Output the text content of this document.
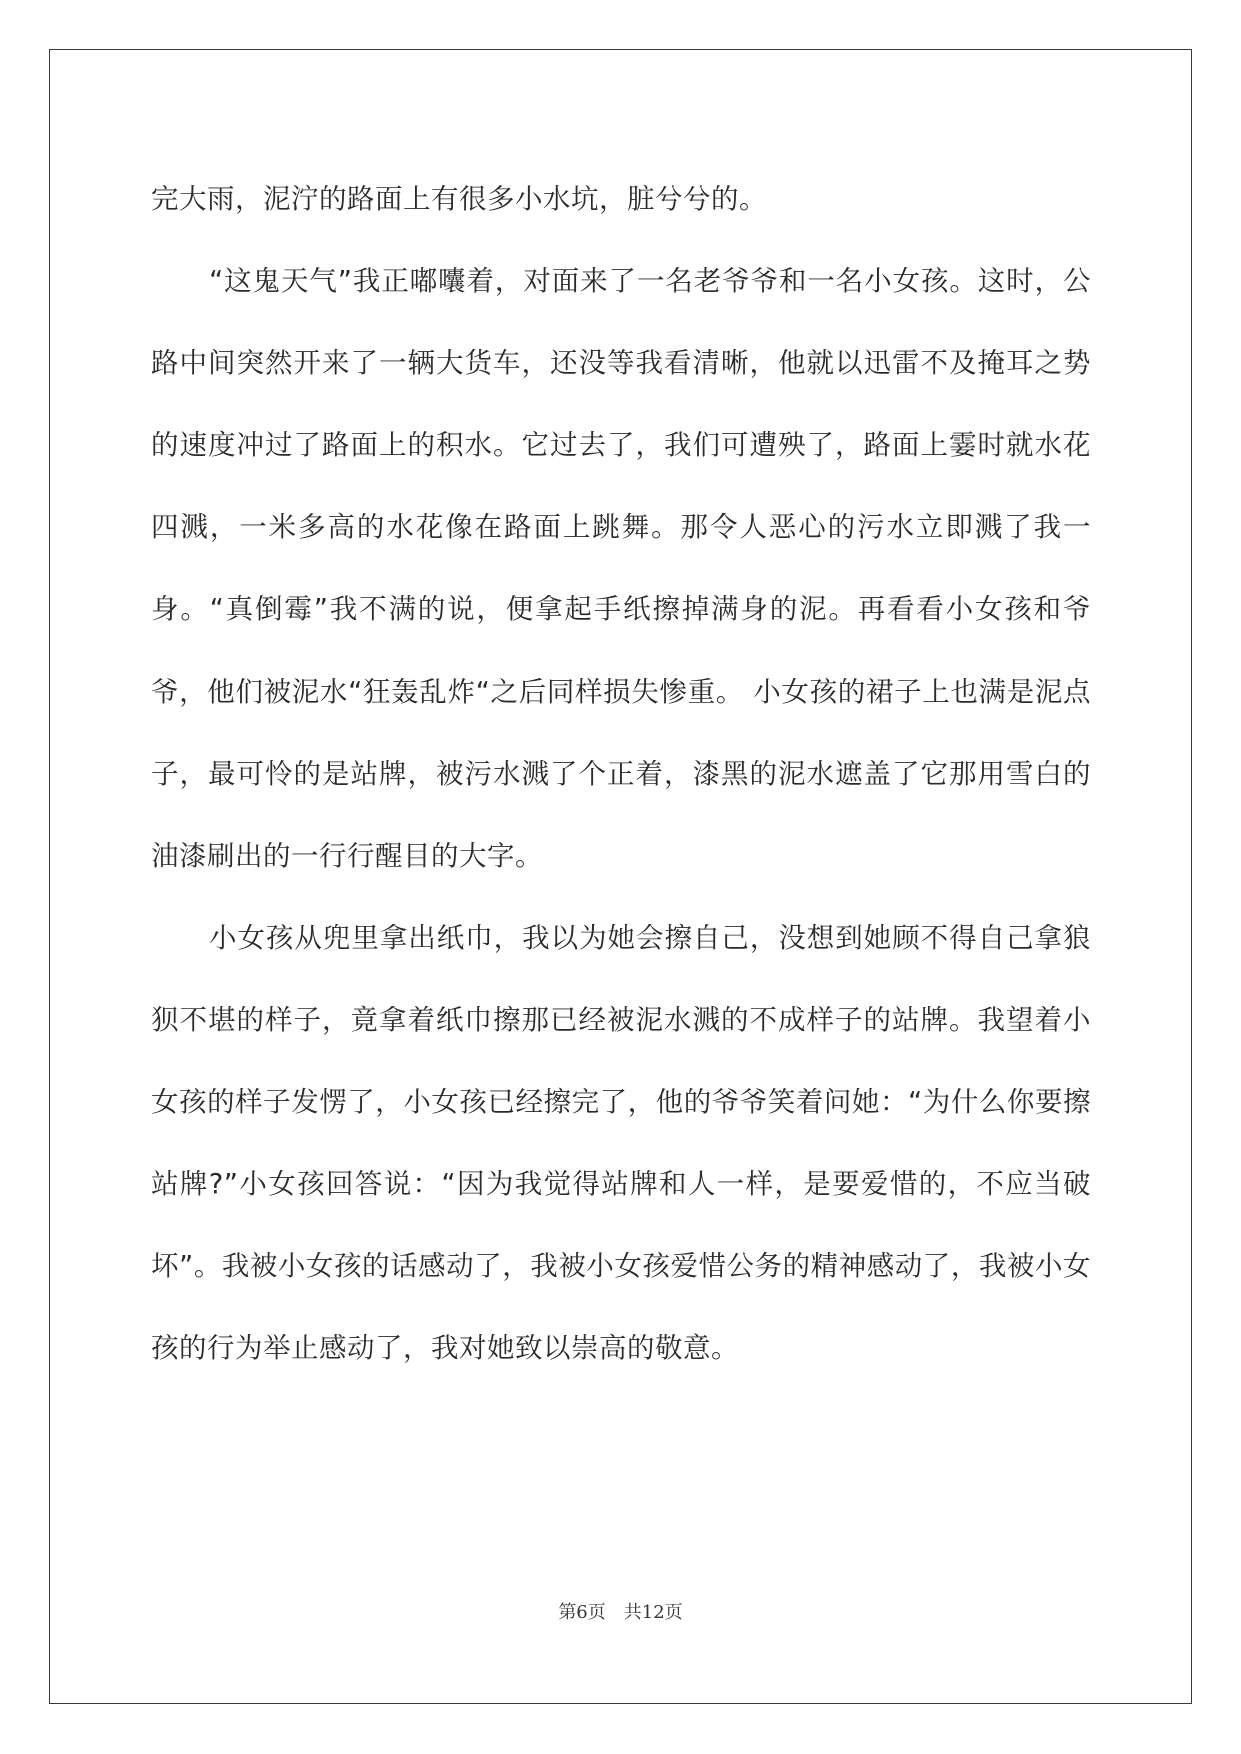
完大雨，泥泞的路面上有很多小水坑，脏兮兮的。

“这鬼天气”我正嘟囔着，对面来了一名老爷爷和一名小女孩。这时，公路中间突然开来了一辆大货车，还没等我看清晰，他就以迅雷不及掩耳之势的速度冲过了路面上的积水。它过去了，我们可遭殃了，路面上霎时就水花四溅，一米多高的水花像在路面上跳舞。那令人恶心的污水立即溅了我一身。“真倒霉”我不满的说，便拿起手纸擦掉满身的泥。再看看小女孩和爷爷，他们被泥水“狂轰乱炸“之后同样损失惨重。 小女孩的裙子上也满是泥点子，最可怜的是站牌，被污水溅了个正着，漆黑的泥水遮盖了它那用雪白的油漆刷出的一行行醒目的大字。

小女孩从兜里拿出纸巾，我以为她会擦自己，没想到她顾不得自己拿狼狈不堪的样子，竟拿着纸巾擦那已经被泥水溅的不成样子的站牌。我望着小女孩的样子发愣了，小女孩已经擦完了，他的爷爷笑着问她：“为什么你要擦站牌?”小女孩回答说：“因为我觉得站牌和人一样，是要爱惜的，不应当破坏”。我被小女孩的话感动了，我被小女孩爱惜公务的精神感动了，我被小女孩的行为举止感动了，我对她致以崇高的敬意。

第6页　共12页
